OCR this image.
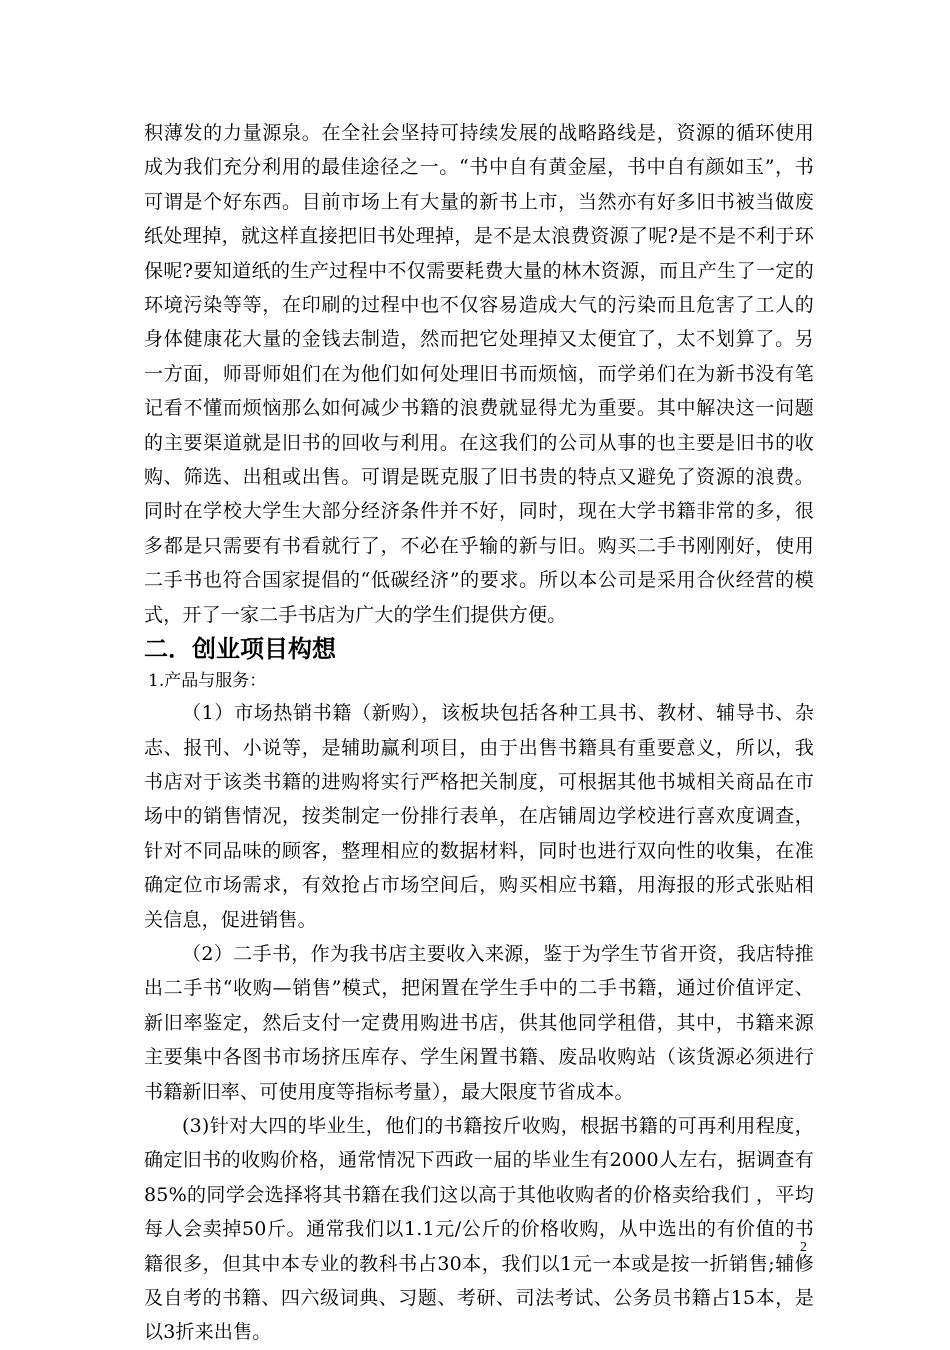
积薄发的力量源泉。在全社会坚持可持续发展的战略路线是，资源的循环使用成为我们充分利用的最佳途径之一。“书中自有黄金屋，书中自有颜如玉”，书可谓是个好东西。目前市场上有大量的新书上市，当然亦有好多旧书被当做废纸处理掉，就这样直接把旧书处理掉，是不是太浪费资源了呢?是不是不利于环保呢?要知道纸的生产过程中不仅需要耗费大量的林木资源，而且产生了一定的环境污染等等，在印刷的过程中也不仅容易造成大气的污染而且危害了工人的身体健康花大量的金钱去制造，然而把它处理掉又太便宜了，太不划算了。另一方面，师哥师姐们在为他们如何处理旧书而烦恼，而学弟们在为新书没有笔记看不懂而烦恼那么如何减少书籍的浪费就显得尤为重要。其中解决这一问题的主要渠道就是旧书的回收与利用。在这我们的公司从事的也主要是旧书的收购、筛选、出租或出售。可谓是既克服了旧书贵的特点又避免了资源的浪费。同时在学校大学生大部分经济条件并不好，同时，现在大学书籍非常的多，很多都是只需要有书看就行了，不必在乎输的新与旧。购买二手书刚刚好，使用二手书也符合国家提倡的“低碳经济”的要求。所以本公司是采用合伙经营的模式，开了一家二手书店为广大的学生们提供方便。

二．创业项目构想

1.产品与服务：

（1）市场热销书籍（新购），该板块包括各种工具书、教材、辅导书、杂志、报刊、小说等，是辅助赢利项目，由于出售书籍具有重要意义，所以，我书店对于该类书籍的进购将实行严格把关制度，可根据其他书城相关商品在市场中的销售情况，按类制定一份排行表单，在店铺周边学校进行喜欢度调查，针对不同品味的顾客，整理相应的数据材料，同时也进行双向性的收集，在准确定位市场需求，有效抢占市场空间后，购买相应书籍，用海报的形式张贴相关信息，促进销售。

（2）二手书，作为我书店主要收入来源，鉴于为学生节省开资，我店特推出二手书“收购—销售”模式，把闲置在学生手中的二手书籍，通过价值评定、新旧率鉴定，然后支付一定费用购进书店，供其他同学租借，其中，书籍来源主要集中各图书市场挤压库存、学生闲置书籍、废品收购站（该货源必须进行书籍新旧率、可使用度等指标考量），最大限度节省成本。

(3)针对大四的毕业生，他们的书籍按斤收购，根据书籍的可再利用程度，确定旧书的收购价格，通常情况下西政一届的毕业生有2000人左右，据调查有85%的同学会选择将其书籍在我们这以高于其他收购者的价格卖给我们 ，平均每人会卖掉50斤。通常我们以1.1元/公斤的价格收购，从中选出的有价值的书籍很多，但其中本专业的教科书占30本，我们以1元一本或是按一折销售;辅修及自考的书籍、四六级词典、习题、考研、司法考试、公务员书籍占15本，是以3折来出售。

2
